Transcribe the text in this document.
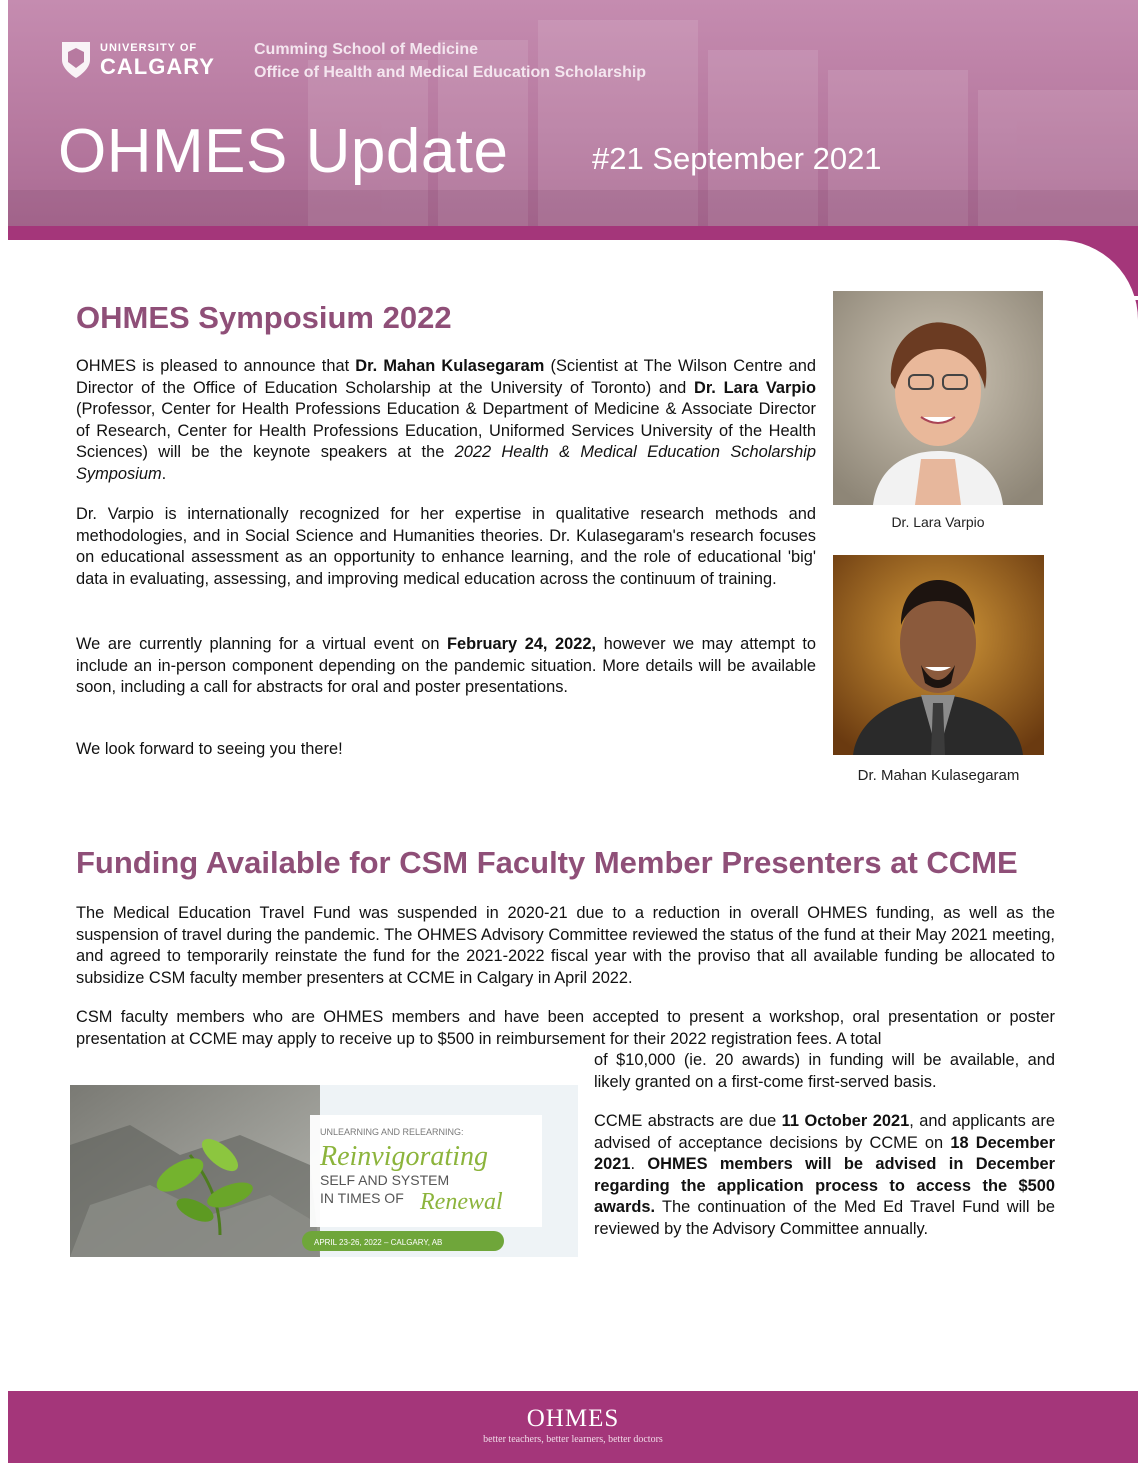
UNIVERSITY OF
CALGARY
Cumming School of Medicine
Office of Health and Medical Education Scholarship
OHMES Update	#21 September 2021
OHMES Symposium 2022

OHMES is pleased to announce that Dr. Mahan Kulasegaram (Scientist at The Wilson Centre and Director of the Office of Education Scholarship at the University of Toronto) and Dr. Lara Varpio (Professor, Center for Health Professions Education & Department of Medicine & Associate Director of Research, Center for Health Professions Education, Uniformed Services University of the Health Sciences) will be the keynote speakers at the 2022 Health & Medical Education Scholarship Symposium.

Dr. Varpio is internationally recognized for her expertise in qualitative research methods and methodologies, and in Social Science and Humanities theories. Dr. Kulasegaram's research focuses on educational assessment as an opportunity to enhance learning, and the role of educational 'big' data in evaluating, assessing, and improving medical education across the continuum of training.

We are currently planning for a virtual event on February 24, 2022, however we may attempt to include an in-person component depending on the pandemic situation. More details will be available soon, including a call for abstracts for oral and poster presentations.

We look forward to seeing you there!

Dr. Lara Varpio
Dr. Mahan Kulasegaram
Funding Available for CSM Faculty Member Presenters at CCME

The Medical Education Travel Fund was suspended in 2020-21 due to a reduction in overall OHMES funding, as well as the suspension of travel during the pandemic. The OHMES Advisory Committee reviewed the status of the fund at their May 2021 meeting, and agreed to temporarily reinstate the fund for the 2021-2022 fiscal year with the proviso that all available funding be allocated to subsidize CSM faculty member presenters at CCME in Calgary in April 2022.

CSM faculty members who are OHMES members and have been accepted to present a workshop, oral presentation or poster presentation at CCME may apply to receive up to $500 in reimbursement for their 2022 registration fees. A total

of $10,000 (ie. 20 awards) in funding will be available, and likely granted on a first-come first-served basis.

CCME abstracts are due 11 October 2021, and applicants are advised of acceptance decisions by CCME on 18 December 2021. OHMES members will be advised in December regarding the application process to access the $500 awards. The continuation of the Med Ed Travel Fund will be reviewed by the Advisory Committee annually.

UNLEARNING AND RELEARNING:
Reinvigorating
SELF AND SYSTEM
IN TIMES OF Renewal
APRIL 23-26, 2022 – CALGARY, AB
OHMES
better teachers, better learners, better doctors
